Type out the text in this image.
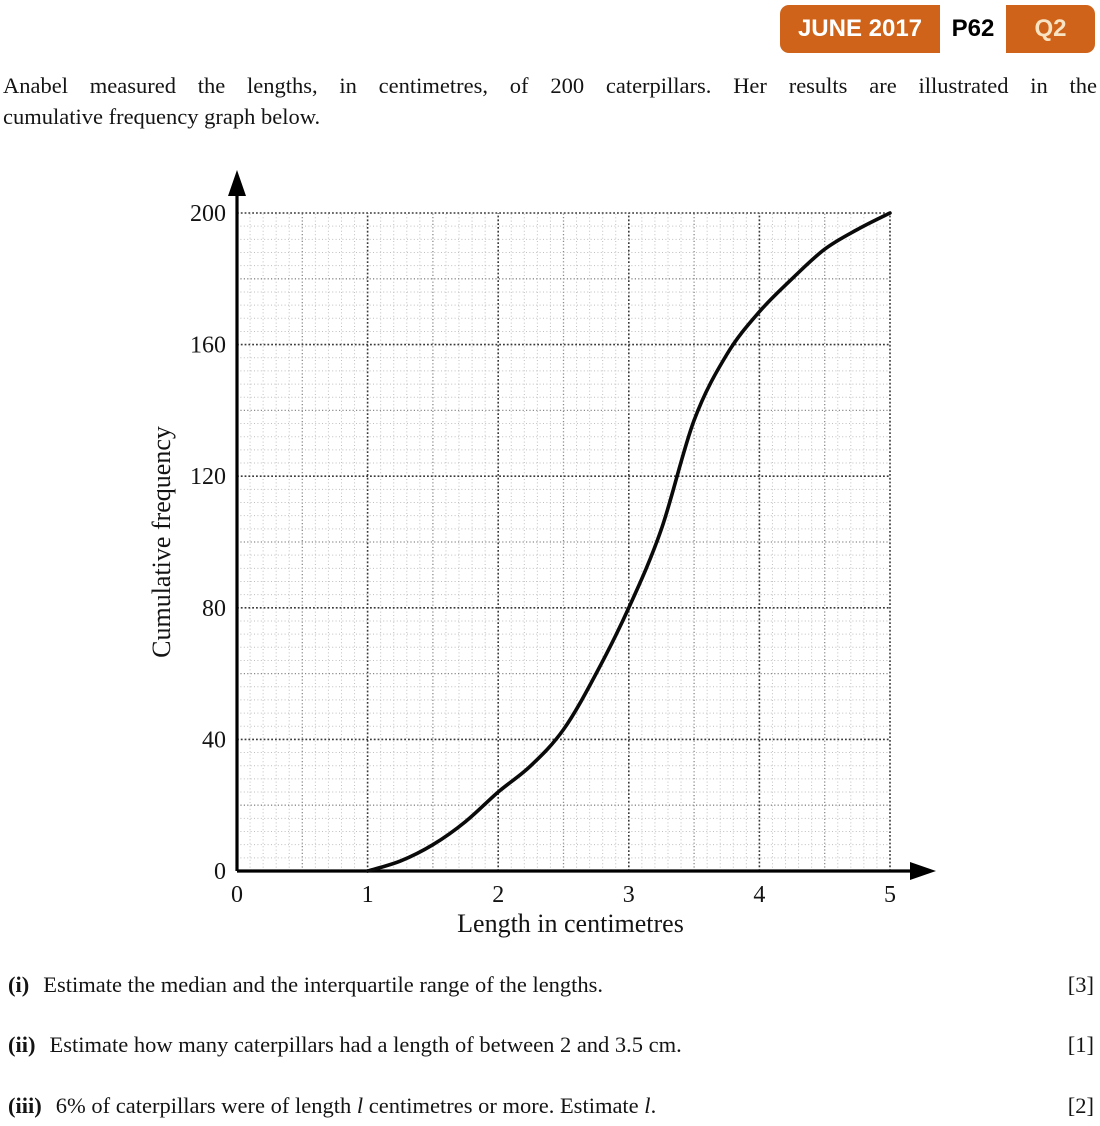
JUNE 2017	P62	Q2
Anabel measured the lengths, in centimetres, of 200 caterpillars. Her results are illustrated in the
cumulative frequency graph below.
0
40
80
120
160
200
0	1	2	3	4	5
Length in centimetres
Cumulative frequency
(i) Estimate the median and the interquartile range of the lengths.	[3]
(ii) Estimate how many caterpillars had a length of between 2 and 3.5 cm.	[1]
(iii) 6% of caterpillars were of length l centimetres or more. Estimate l.	[2]
